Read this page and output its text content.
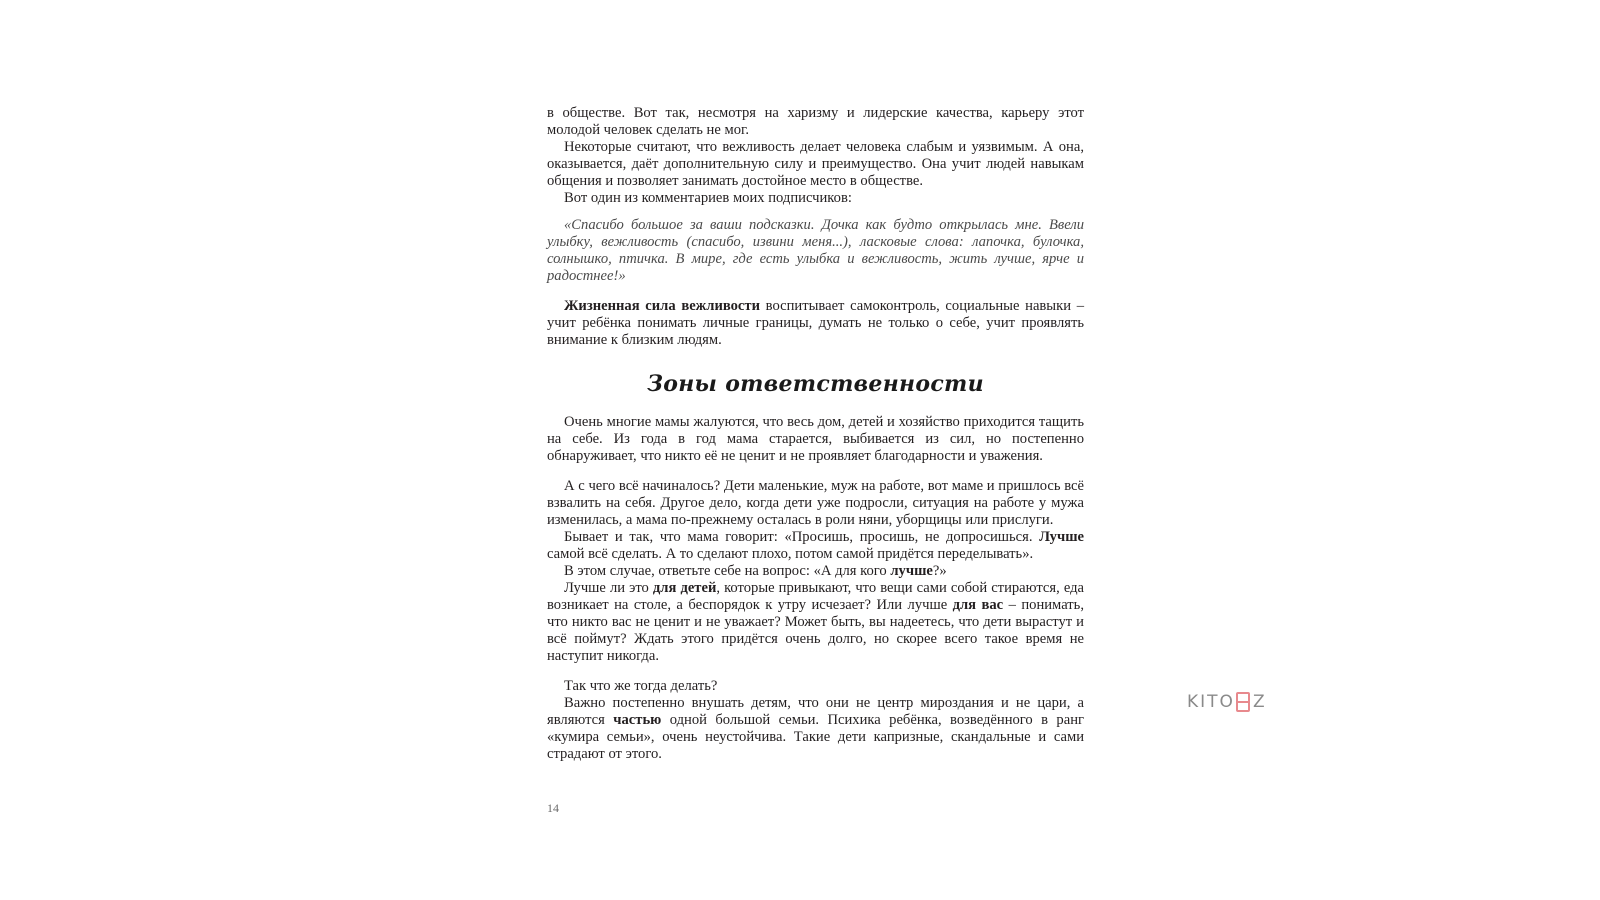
в обществе. Вот так, несмотря на харизму и лидерские качества, карьеру этот молодой человек сделать не мог.

Некоторые считают, что вежливость делает человека слабым и уязвимым. А она, оказывается, даёт дополнительную силу и преимущество. Она учит людей навыкам общения и позволяет занимать достойное место в обществе.

Вот один из комментариев моих подписчиков:

«Спасибо большое за ваши подсказки. Дочка как будто открылась мне. Ввели улыбку, вежливость (спасибо, извини меня...), ласковые слова: лапочка, булочка, солнышко, птичка. В мире, где есть улыбка и вежливость, жить лучше, ярче и радостнее!»

Жизненная сила вежливости воспитывает самоконтроль, социальные навыки – учит ребёнка понимать личные границы, думать не только о себе, учит проявлять внимание к близким людям.

Зоны ответственности

Очень многие мамы жалуются, что весь дом, детей и хозяйство приходится тащить на себе. Из года в год мама старается, выбивается из сил, но постепенно обнаруживает, что никто её не ценит и не проявляет благодарности и уважения.

А с чего всё начиналось? Дети маленькие, муж на работе, вот маме и пришлось всё взвалить на себя. Другое дело, когда дети уже подросли, ситуация на работе у мужа изменилась, а мама по-прежнему осталась в роли няни, уборщицы или прислуги.

Бывает и так, что мама говорит: «Просишь, просишь, не допросишься. Лучше самой всё сделать. А то сделают плохо, потом самой придётся переделывать».

В этом случае, ответьте себе на вопрос: «А для кого лучше?»

Лучше ли это для детей, которые привыкают, что вещи сами собой стираются, еда возникает на столе, а беспорядок к утру исчезает? Или лучше для вас – понимать, что никто вас не ценит и не уважает? Может быть, вы надеетесь, что дети вырастут и всё поймут? Ждать этого придётся очень долго, но скорее всего такое время не наступит никогда.

Так что же тогда делать?

Важно постепенно внушать детям, что они не центр мироздания и не цари, а являются частью одной большой семьи. Психика ребёнка, возведённого в ранг «кумира семьи», очень неустойчива. Такие дети капризные, скандальные и сами страдают от этого.

14
KITO Z
